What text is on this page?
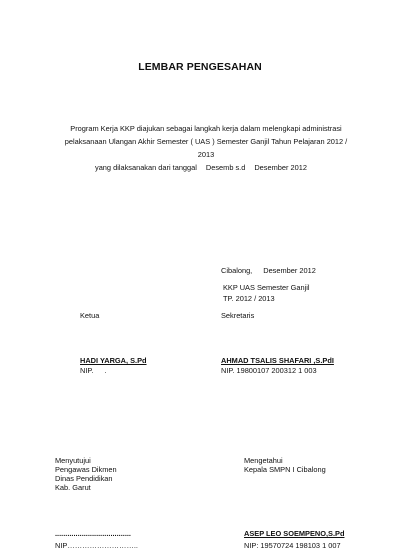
LEMBAR PENGESAHAN
Program Kerja KKP diajukan sebagai langkah kerja dalam melengkapi administrasi
pelaksanaan Ulangan Akhir Semester ( UAS ) Semester Ganjil Tahun Pelajaran 2012 /
2013
yang dilaksanakan dari tanggal Desemb s.d Desember 2012
Cibalong, Desember 2012
KKP UAS Semester Ganjil
TP. 2012 / 2013
Ketua	Sekretaris
HADI YARGA, S.Pd	AHMAD TSALIS SHAFARI ,S.PdI
NIP. .	NIP. 19800107 200312 1 003
Menyutujui
Pengawas Dikmen
Dinas Pendidikan
Kab. Garut
Mengetahui
Kepala SMPN I Cibalong
.....................................	ASEP LEO SOEMPENO,S.Pd
NIP………………………..	NIP: 19570724 198103 1 007
